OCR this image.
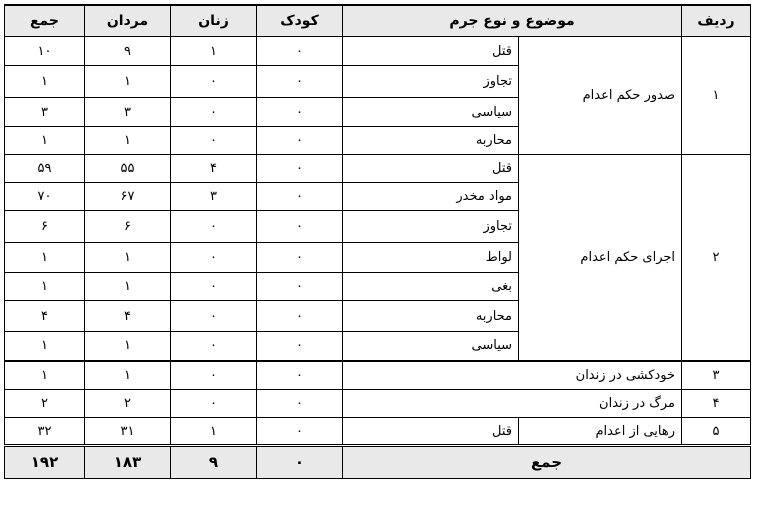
ردیف	موضوع و نوع جرم		کودک	زنان	مردان	جمع
۱	صدور حکم اعدام	قتل	۰	۱	۹	۱۰
		تجاوز	۰	۰	۱	۱
		سیاسی	۰	۰	۳	۳
		محاربه	۰	۰	۱	۱
۲	اجرای حکم اعدام	قتل	۰	۴	۵۵	۵۹
		مواد مخدر	۰	۳	۶۷	۷۰
		تجاوز	۰	۰	۶	۶
		لواط	۰	۰	۱	۱
		بغی	۰	۰	۱	۱
		محاربه	۰	۰	۴	۴
		سیاسی	۰	۰	۱	۱
۳	خودکشی در زندان		۰	۰	۱	۱
۴	مرگ در زندان		۰	۰	۲	۲
۵	رهایی از اعدام	قتل	۰	۱	۳۱	۳۲
جمع			۰	۹	۱۸۳	۱۹۲
